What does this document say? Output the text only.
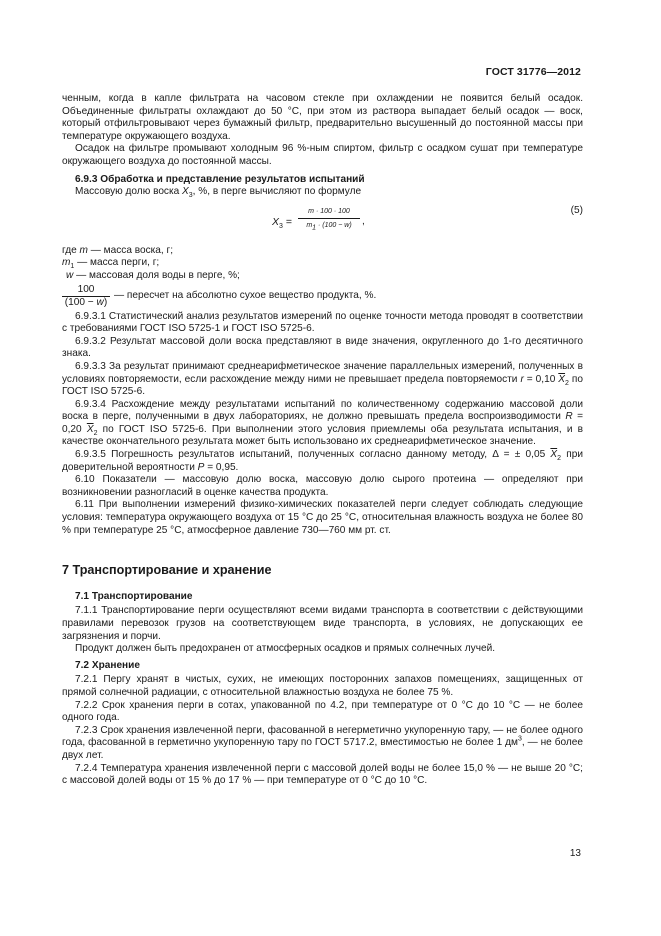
ГОСТ 31776—2012

ченным, когда в капле фильтрата на часовом стекле при охлаждении не появится белый осадок. Объединенные фильтраты охлаждают до 50 °С, при этом из раствора выпадает белый осадок — воск, который отфильтровывают через бумажный фильтр, предварительно высушенный до постоянной массы при температуре окружающего воздуха.

Осадок на фильтре промывают холодным 96 %-ным спиртом, фильтр с осадком сушат при температуре окружающего воздуха до постоянной массы.

6.9.3 Обработка и представление результатов испытаний

Массовую долю воска $X_3$, %, в перге вычисляют по формуле

$X_3 = \frac{m \cdot 100 \cdot 100}{m_1 \cdot (100 - w)}$ ,
(5)
где m — масса воска, г;
$m_1$ — масса перги, г;
w — массовая доля воды в перге, %;
100
(100 − w)
— пересчет на абсолютно сухое вещество продукта, %.

6.9.3.1 Статистический анализ результатов измерений по оценке точности метода проводят в соответствии с требованиями ГОСТ ISO 5725-1 и ГОСТ ISO 5725-6.

6.9.3.2 Результат массовой доли воска представляют в виде значения, округленного до 1-го десятичного знака.

6.9.3.3 За результат принимают среднеарифметическое значение параллельных измерений, полученных в условиях повторяемости, если расхождение между ними не превышает предела повторяемости r = 0,10 $\overline{X}_2$ по ГОСТ ISO 5725-6.

6.9.3.4 Расхождение между результатами испытаний по количественному содержанию массовой доли воска в перге, полученными в двух лабораториях, не должно превышать предела воспроизводимости R = 0,20 $\overline{X}_2$ по ГОСТ ISO 5725-6. При выполнении этого условия приемлемы оба результата испытания, и в качестве окончательного результата может быть использовано их среднеарифметическое значение.

6.9.3.5 Погрешность результатов испытаний, полученных согласно данному методу, Δ = ± 0,05 $\overline{X}_2$ при доверительной вероятности P = 0,95.

6.10 Показатели — массовую долю воска, массовую долю сырого протеина — определяют при возникновении разногласий в оценке качества продукта.

6.11 При выполнении измерений физико-химических показателей перги следует соблюдать следующие условия: температура окружающего воздуха от 15 °С до 25 °С, относительная влажность воздуха не более 80 % при температуре 25 °С, атмосферное давление 730—760 мм рт. ст.

7 Транспортирование и хранение

7.1 Транспортирование

7.1.1 Транспортирование перги осуществляют всеми видами транспорта в соответствии с действующими правилами перевозок грузов на соответствующем виде транспорта, в условиях, не допускающих ее загрязнения и порчи.

Продукт должен быть предохранен от атмосферных осадков и прямых солнечных лучей.

7.2 Хранение

7.2.1 Пергу хранят в чистых, сухих, не имеющих посторонних запахов помещениях, защищенных от прямой солнечной радиации, с относительной влажностью воздуха не более 75 %.

7.2.2 Срок хранения перги в сотах, упакованной по 4.2, при температуре от 0 °С до 10 °С — не более одного года.

7.2.3 Срок хранения извлеченной перги, фасованной в негерметично укупоренную тару, — не более одного года, фасованной в герметично укупоренную тару по ГОСТ 5717.2, вместимостью не более 1 $дм^3$, — не более двух лет.

7.2.4 Температура хранения извлеченной перги с массовой долей воды не более 15,0 % — не выше 20 °С; с массовой долей воды от 15 % до 17 % — при температуре от 0 °С до 10 °С.

13
